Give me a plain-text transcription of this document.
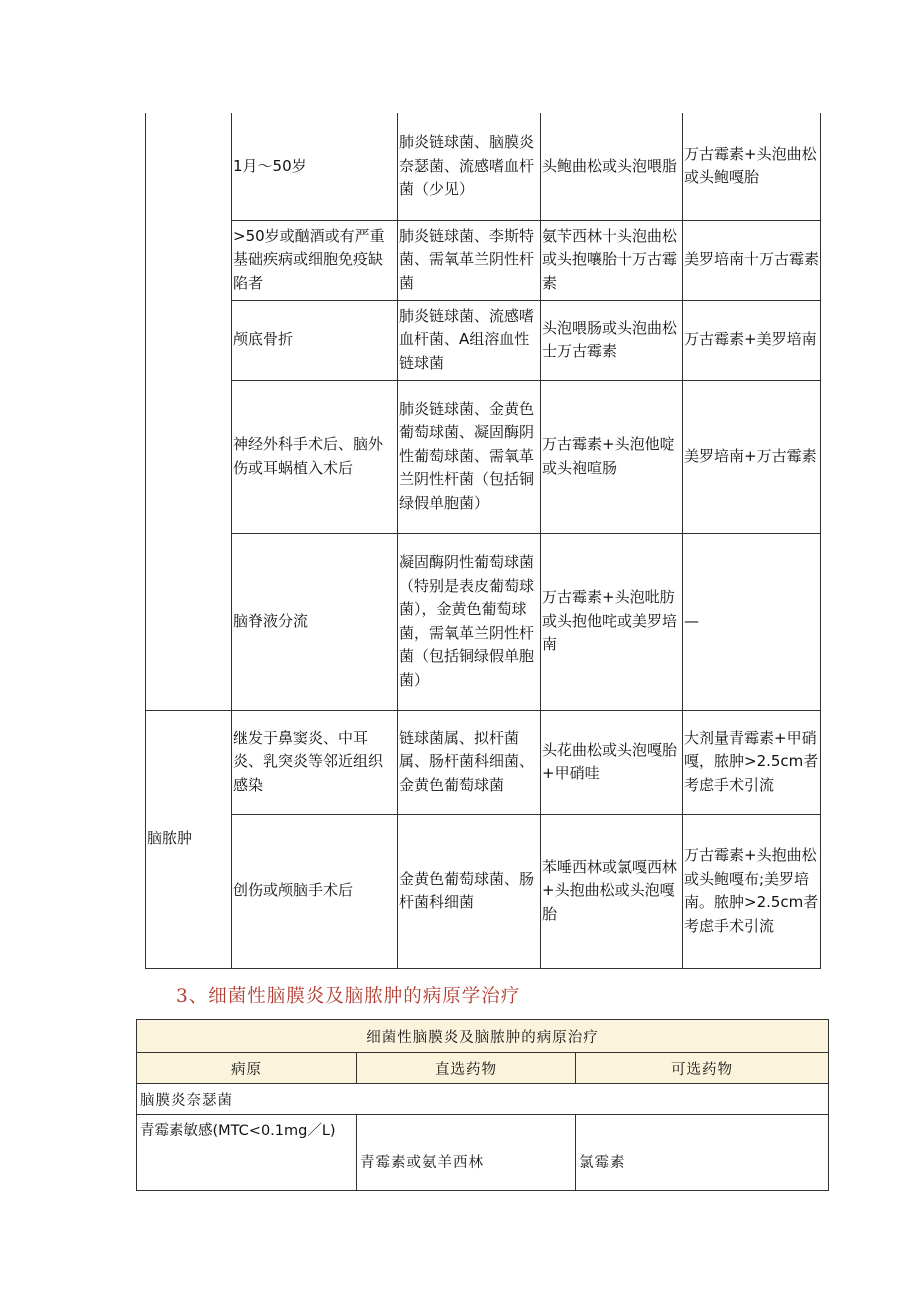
	1月～50岁	肺炎链球菌、脑膜炎奈瑟菌、流感嗜血杆菌（少见）	头鲍曲松或头泡喂脂	万古霉素+头泡曲松或头鲍嘎胎
	>50岁或酗酒或有严重基础疾病或细胞免疫缺陷者	肺炎链球菌、李斯特菌、需氧革兰阴性杆菌	氨苄西林十头泡曲松或头抱嚷胎十万古霉素	美罗培南十万古霉素
	颅底骨折	肺炎链球菌、流感嗜血杆菌、A组溶血性链球菌	头泡喂肠或头泡曲松士万古霉素	万古霉素+美罗培南
	神经外科手术后、脑外伤或耳蜗植入术后	肺炎链球菌、金黄色葡萄球菌、凝固酶阴性葡萄球菌、需氧革兰阴性杆菌（包括铜绿假单胞菌）	万古霉素+头泡他啶或头袍喧肠	美罗培南+万古霉素
	脑脊液分流	凝固酶阴性葡萄球菌（特别是表皮葡萄球菌），金黄色葡萄球菌，需氧革兰阴性杆菌（包括铜绿假单胞菌）	万古霉素+头泡吡肪或头抱他咤或美罗培南	—
脑脓肿	继发于鼻窦炎、中耳炎、乳突炎等邻近组织感染	链球菌属、拟杆菌属、肠杆菌科细菌、金黄色葡萄球菌	头花曲松或头泡嘎胎+甲硝哇	大剂量青霉素+甲硝嘎，脓肿>2.5cm者考虑手术引流
	创伤或颅脑手术后	金黄色葡萄球菌、肠杆菌科细菌	苯唾西林或氯嘎西林+头抱曲松或头泡嘎胎	万古霉素+头抱曲松或头鲍嘎布;美罗培南。脓肿>2.5cm者考虑手术引流
3、细菌性脑膜炎及脑脓肿的病原学治疗
细菌性脑膜炎及脑脓肿的病原治疗		
病原	直选药物	可选药物
脑膜炎奈瑟菌		
青霉素敏感(MTC<0.1mg／L)	青霉素或氨羊西林	氯霉素
